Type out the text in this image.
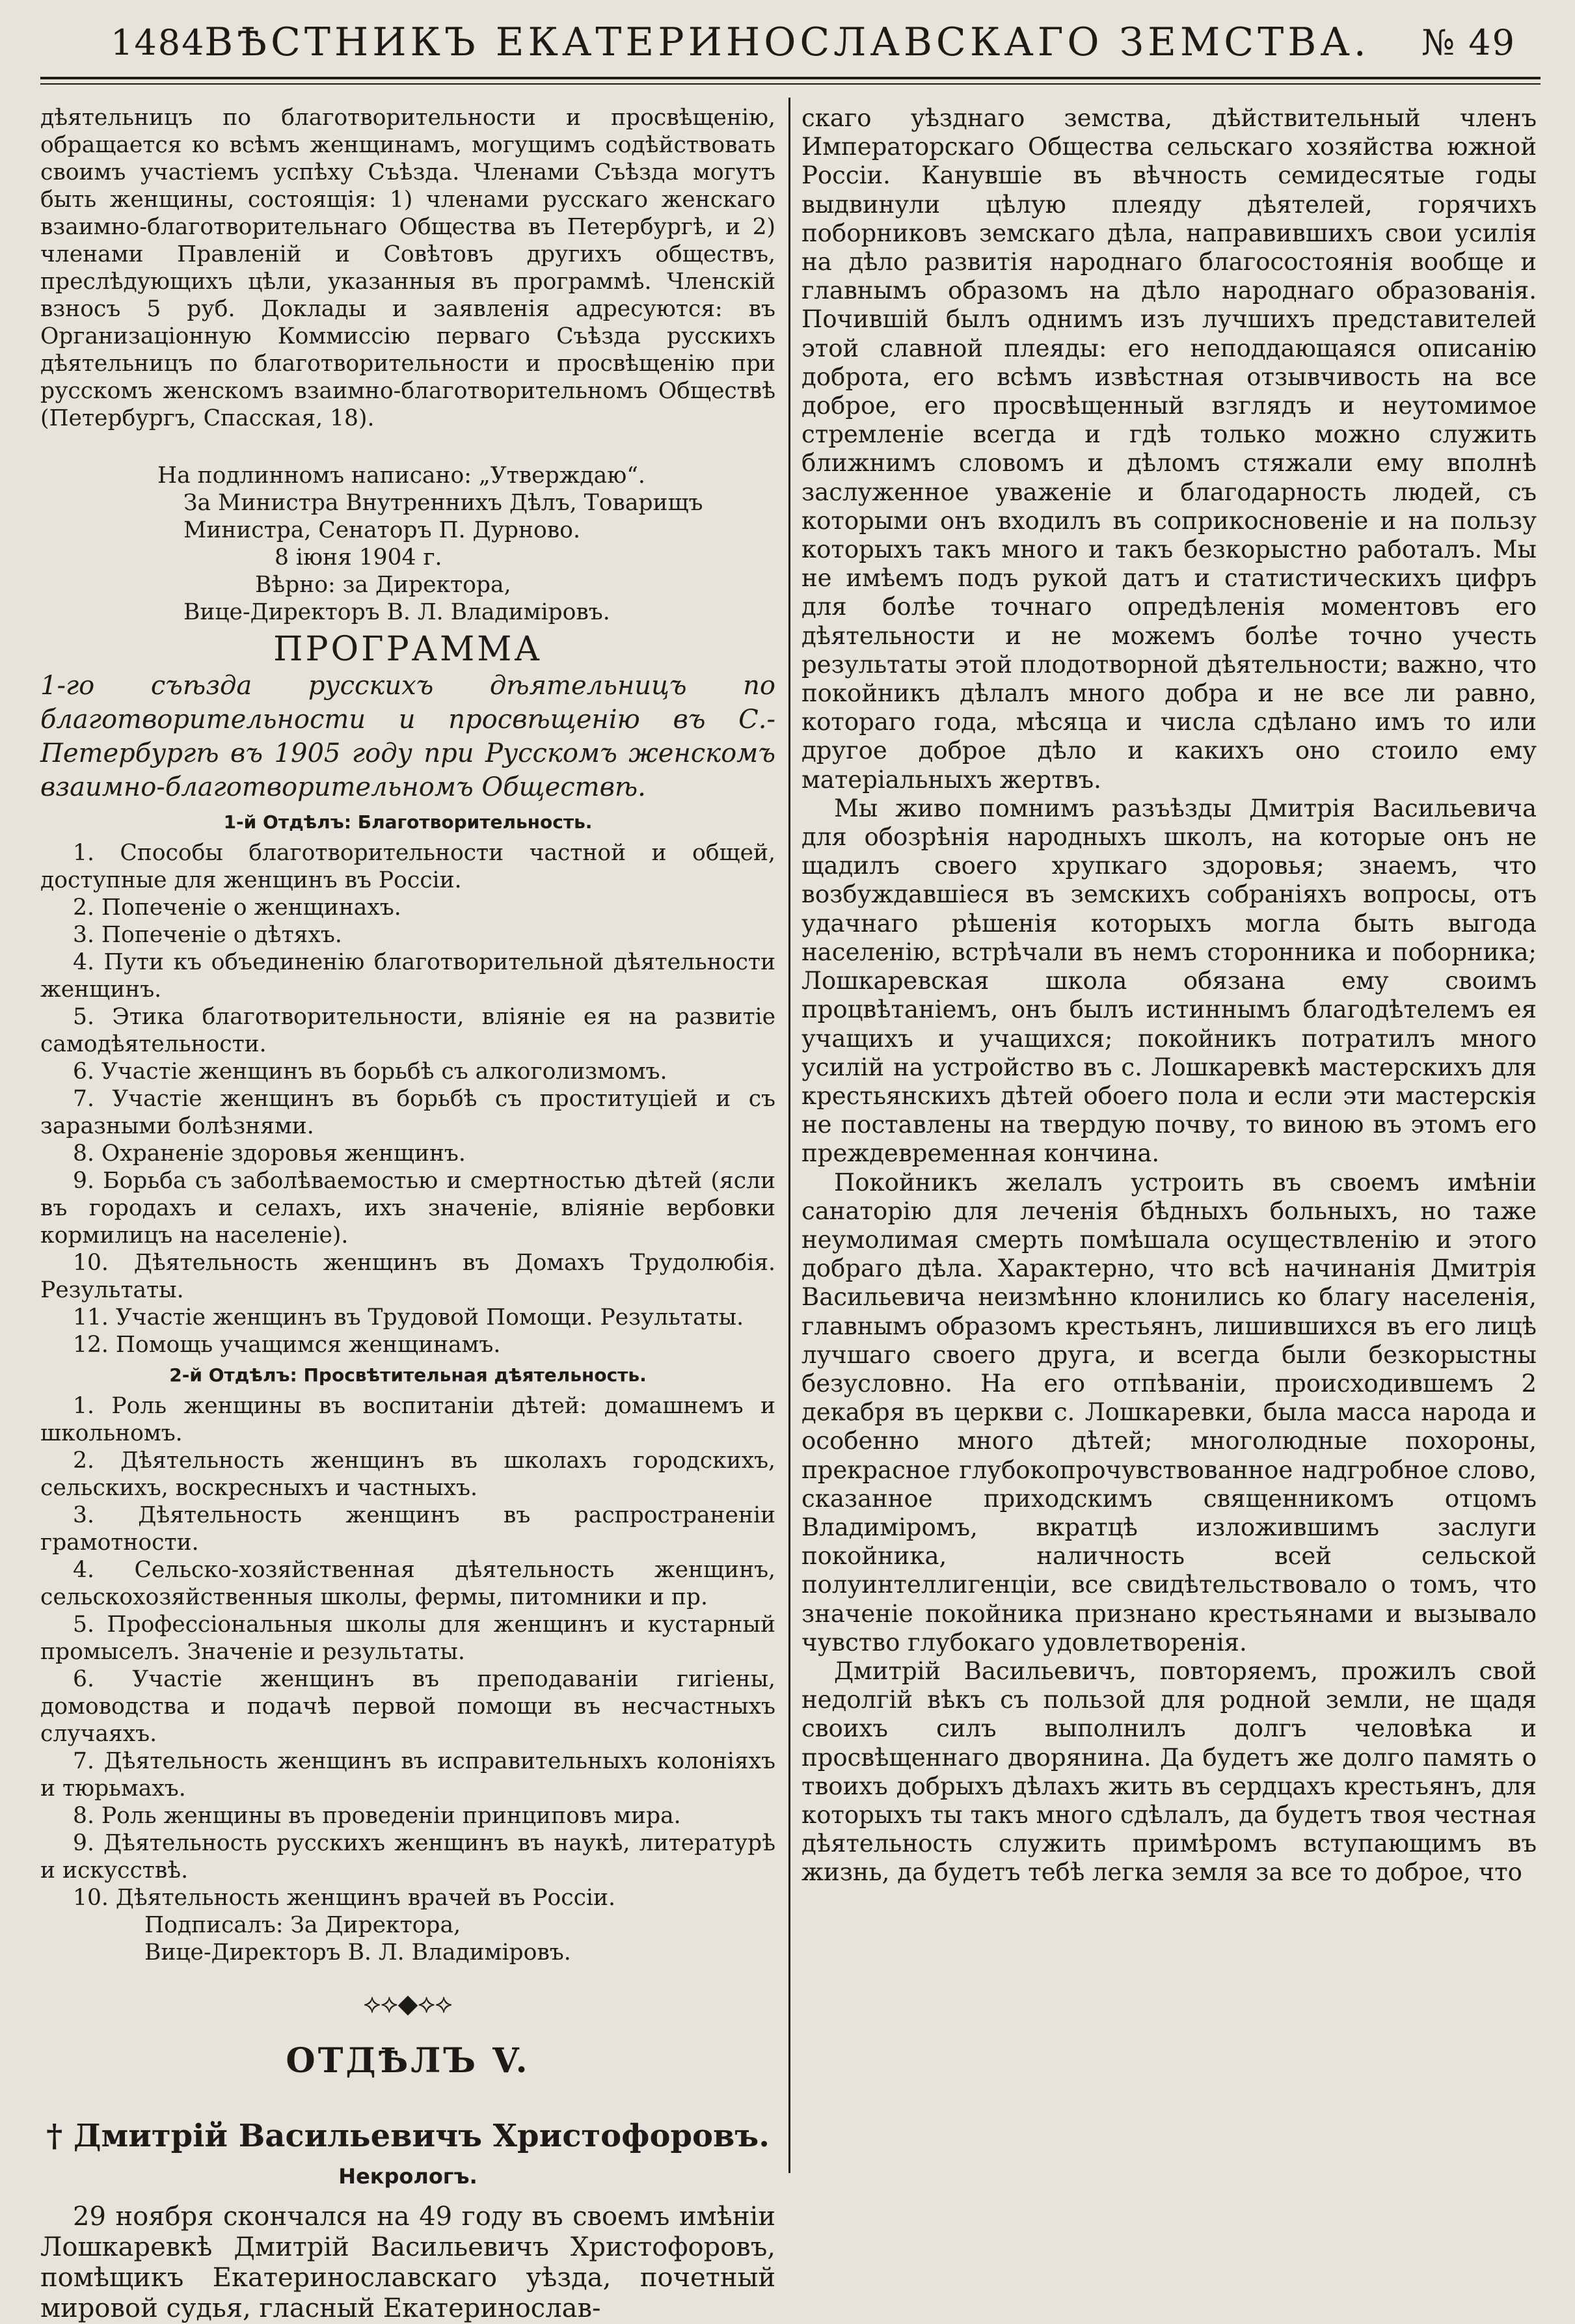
1484
ВѢСТНИКЪ ЕКАТЕРИНОСЛАВСКАГО ЗЕМСТВА.	№ 49

дѣятельницъ по благотворительности и просвѣщенію, обращается ко всѣмъ женщинамъ, могущимъ содѣйствовать своимъ участіемъ успѣху Съѣзда. Членами Съѣзда могутъ быть женщины, состоящія: 1) членами русскаго женскаго взаимно-благотворительнаго Общества въ Петербургѣ, и 2) членами Правленій и Совѣтовъ другихъ обществъ, преслѣдующихъ цѣли, указанныя въ программѣ. Членскій взносъ 5 руб. Доклады и заявленія адресуются: въ Организаціонную Коммиссію перваго Съѣзда русскихъ дѣятельницъ по благотворительности и просвѣщенію при русскомъ женскомъ взаимно-благотворительномъ Обществѣ (Петербургъ, Спасская, 18).

На подлинномъ написано: „Утверждаю“.

За Министра Внутреннихъ Дѣлъ, Товарищъ

Министра, Сенаторъ П. Дурново.

8 іюня 1904 г.

Вѣрно: за Директора,

Вице-Директоръ В. Л. Владиміровъ.

ПРОГРАММА

1-го съѣзда русскихъ дѣятельницъ по благотворительности и просвѣщенію въ С.-Петербургѣ въ 1905 году при Русскомъ женскомъ взаимно-благотворительномъ Обществѣ.

1-й Отдѣлъ: Благотворительность.

1. Способы благотворительности частной и общей, доступные для женщинъ въ Россіи.

2. Попеченіе о женщинахъ.

3. Попеченіе о дѣтяхъ.

4. Пути къ объединенію благотворительной дѣятельности женщинъ.

5. Этика благотворительности, вліяніе ея на развитіе самодѣятельности.

6. Участіе женщинъ въ борьбѣ съ алкоголизмомъ.

7. Участіе женщинъ въ борьбѣ съ проституціей и съ заразными болѣзнями.

8. Охраненіе здоровья женщинъ.

9. Борьба съ заболѣваемостью и смертностью дѣтей (ясли въ городахъ и селахъ, ихъ значеніе, вліяніе вербовки кормилицъ на населеніе).

10. Дѣятельность женщинъ въ Домахъ Трудолюбія. Результаты.

11. Участіе женщинъ въ Трудовой Помощи. Результаты.

12. Помощь учащимся женщинамъ.

2-й Отдѣлъ: Просвѣтительная дѣятельность.

1. Роль женщины въ воспитаніи дѣтей: домашнемъ и школьномъ.

2. Дѣятельность женщинъ въ школахъ городскихъ, сельскихъ, воскресныхъ и частныхъ.

3. Дѣятельность женщинъ въ распространеніи грамотности.

4. Сельско-хозяйственная дѣятельность женщинъ, сельскохозяйственныя школы, фермы, питомники и пр.

5. Профессіональныя школы для женщинъ и кустарный промыселъ. Значеніе и результаты.

6. Участіе женщинъ въ преподаваніи гигіены, домоводства и подачѣ первой помощи въ несчастныхъ случаяхъ.

7. Дѣятельность женщинъ въ исправительныхъ колоніяхъ и тюрьмахъ.

8. Роль женщины въ проведеніи принциповъ мира.

9. Дѣятельность русскихъ женщинъ въ наукѣ, литературѣ и искусствѣ.

10. Дѣятельность женщинъ врачей въ Россіи.

Подписалъ: За Директора,

Вице-Директоръ В. Л. Владиміровъ.

⟡⟡◆⟡⟡
ОТДѢЛЪ V.
† Дмитрій Васильевичъ Христофоровъ.
Некрологъ.

29 ноября скончался на 49 году въ своемъ имѣніи Лошкаревкѣ Дмитрій Васильевичъ Христофоровъ, помѣщикъ Екатеринославскаго уѣзда, почетный мировой судья, гласный Екатеринослав-

скаго уѣзднаго земства, дѣйствительный членъ Императорскаго Общества сельскаго хозяйства южной Россіи. Канувшіе въ вѣчность семидесятые годы выдвинули цѣлую плеяду дѣятелей, горячихъ поборниковъ земскаго дѣла, направившихъ свои усилія на дѣло развитія народнаго благосостоянія вообще и главнымъ образомъ на дѣло народнаго образованія. Почившій былъ однимъ изъ лучшихъ представителей этой славной плеяды: его неподдающаяся описанію доброта, его всѣмъ извѣстная отзывчивость на все доброе, его просвѣщенный взглядъ и неутомимое стремленіе всегда и гдѣ только можно служить ближнимъ словомъ и дѣломъ стяжали ему вполнѣ заслуженное уваженіе и благодарность людей, съ которыми онъ входилъ въ соприкосновеніе и на пользу которыхъ такъ много и такъ безкорыстно работалъ. Мы не имѣемъ подъ рукой датъ и статистическихъ цифръ для болѣе точнаго опредѣленія моментовъ его дѣятельности и не можемъ болѣе точно учесть результаты этой плодотворной дѣятельности; важно, что покойникъ дѣлалъ много добра и не все ли равно, котораго года, мѣсяца и числа сдѣлано имъ то или другое доброе дѣло и какихъ оно стоило ему матеріальныхъ жертвъ.

Мы живо помнимъ разъѣзды Дмитрія Васильевича для обозрѣнія народныхъ школъ, на которые онъ не щадилъ своего хрупкаго здоровья; знаемъ, что возбуждавшіеся въ земскихъ собраніяхъ вопросы, отъ удачнаго рѣшенія которыхъ могла быть выгода населенію, встрѣчали въ немъ сторонника и поборника; Лошкаревская школа обязана ему своимъ процвѣтаніемъ, онъ былъ истиннымъ благодѣтелемъ ея учащихъ и учащихся; покойникъ потратилъ много усилій на устройство въ с. Лошкаревкѣ мастерскихъ для крестьянскихъ дѣтей обоего пола и если эти мастерскія не поставлены на твердую почву, то виною въ этомъ его преждевременная кончина.

Покойникъ желалъ устроить въ своемъ имѣніи санаторію для леченія бѣдныхъ больныхъ, но таже неумолимая смерть помѣшала осуществленію и этого добраго дѣла. Характерно, что всѣ начинанія Дмитрія Васильевича неизмѣнно клонились ко благу населенія, главнымъ образомъ крестьянъ, лишившихся въ его лицѣ лучшаго своего друга, и всегда были безкорыстны безусловно. На его отпѣваніи, происходившемъ 2 декабря въ церкви с. Лошкаревки, была масса народа и особенно много дѣтей; многолюдные похороны, прекрасное глубокопрочувствованное надгробное слово, сказанное приходскимъ священникомъ отцомъ Владиміромъ, вкратцѣ изложившимъ заслуги покойника, наличность всей сельской полуинтеллигенціи, все свидѣтельствовало о томъ, что значеніе покойника признано крестьянами и вызывало чувство глубокаго удовлетворенія.

Дмитрій Васильевичъ, повторяемъ, прожилъ свой недолгій вѣкъ съ пользой для родной земли, не щадя своихъ силъ выполнилъ долгъ человѣка и просвѣщеннаго дворянина. Да будетъ же долго память о твоихъ добрыхъ дѣлахъ жить въ сердцахъ крестьянъ, для которыхъ ты такъ много сдѣлалъ, да будетъ твоя честная дѣятельность служить примѣромъ вступающимъ въ жизнь, да будетъ тебѣ легка земля за все то доброе, что
